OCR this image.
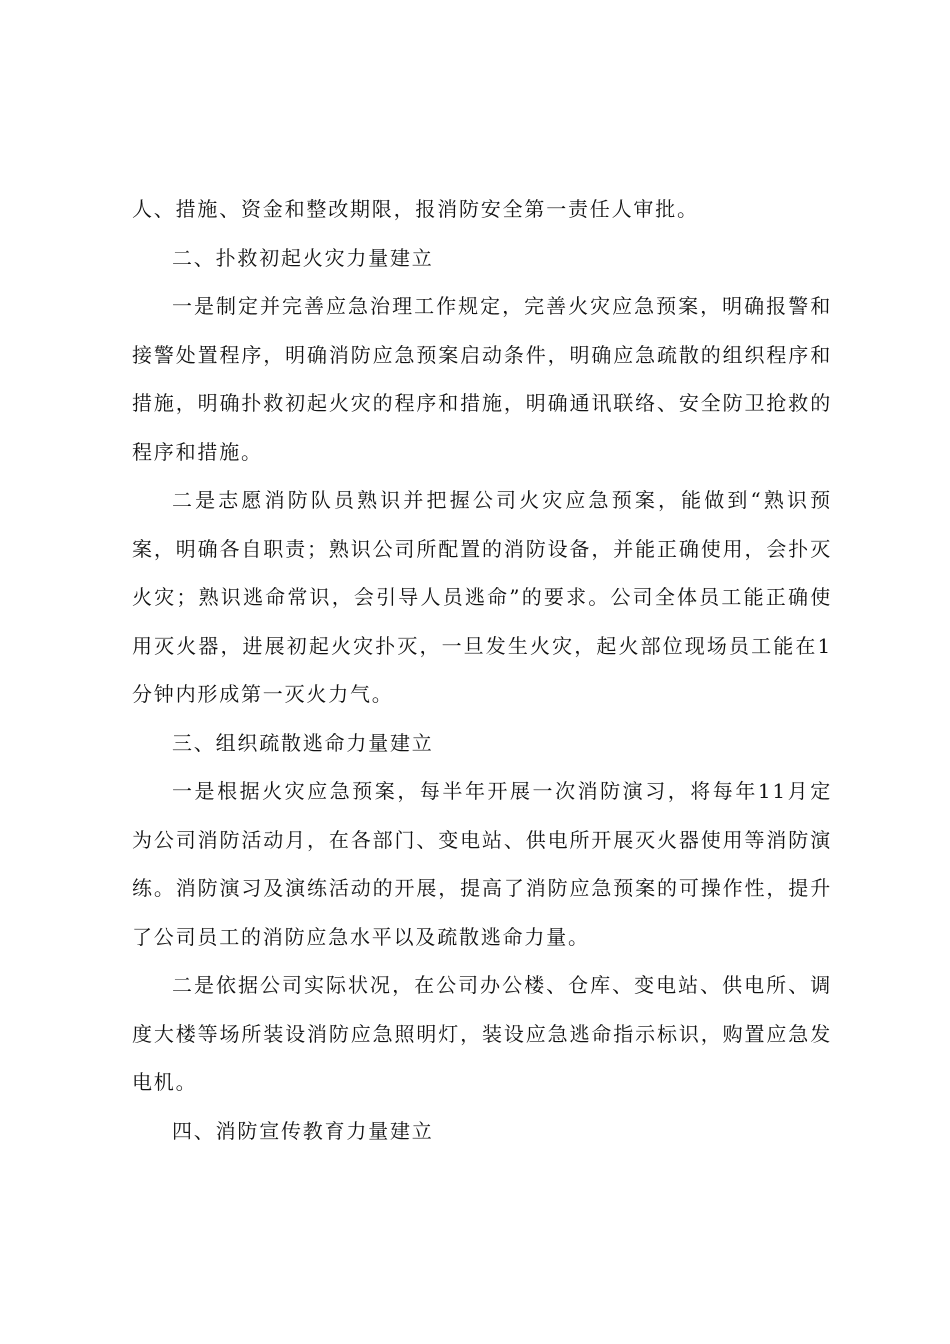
人、措施、资金和整改期限，报消防安全第一责任人审批。

二、扑救初起火灾力量建立

一是制定并完善应急治理工作规定，完善火灾应急预案，明确报警和接警处置程序，明确消防应急预案启动条件，明确应急疏散的组织程序和措施，明确扑救初起火灾的程序和措施，明确通讯联络、安全防卫抢救的程序和措施。

二是志愿消防队员熟识并把握公司火灾应急预案，能做到“熟识预案，明确各自职责；熟识公司所配置的消防设备，并能正确使用，会扑灭火灾；熟识逃命常识，会引导人员逃命”的要求。公司全体员工能正确使用灭火器，进展初起火灾扑灭，一旦发生火灾，起火部位现场员工能在1分钟内形成第一灭火力气。

三、组织疏散逃命力量建立

一是根据火灾应急预案，每半年开展一次消防演习，将每年11月定为公司消防活动月，在各部门、变电站、供电所开展灭火器使用等消防演练。消防演习及演练活动的开展，提高了消防应急预案的可操作性，提升了公司员工的消防应急水平以及疏散逃命力量。

二是依据公司实际状况，在公司办公楼、仓库、变电站、供电所、调度大楼等场所装设消防应急照明灯，装设应急逃命指示标识，购置应急发电机。

四、消防宣传教育力量建立
